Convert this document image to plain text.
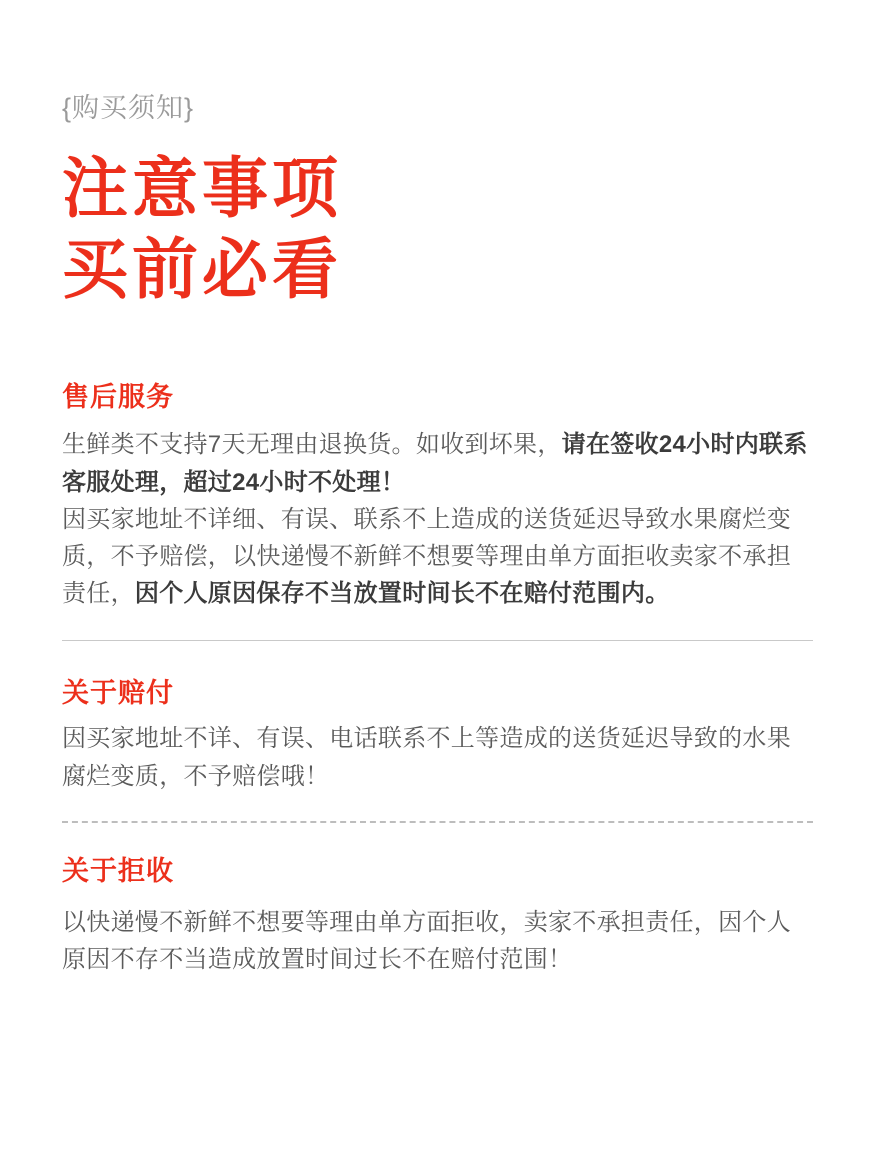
{购买须知}
注意事项
买前必看
售后服务
生鲜类不支持7天无理由退换货。如收到坏果，请在签收24小时内联系客服处理，超过24小时不处理！
因买家地址不详细、有误、联系不上造成的送货延迟导致水果腐烂变质，不予赔偿，以快递慢不新鲜不想要等理由单方面拒收卖家不承担责任，因个人原因保存不当放置时间长不在赔付范围内。
关于赔付
因买家地址不详、有误、电话联系不上等造成的送货延迟导致的水果腐烂变质，不予赔偿哦！
关于拒收
以快递慢不新鲜不想要等理由单方面拒收，卖家不承担责任，因个人原因不存不当造成放置时间过长不在赔付范围！
